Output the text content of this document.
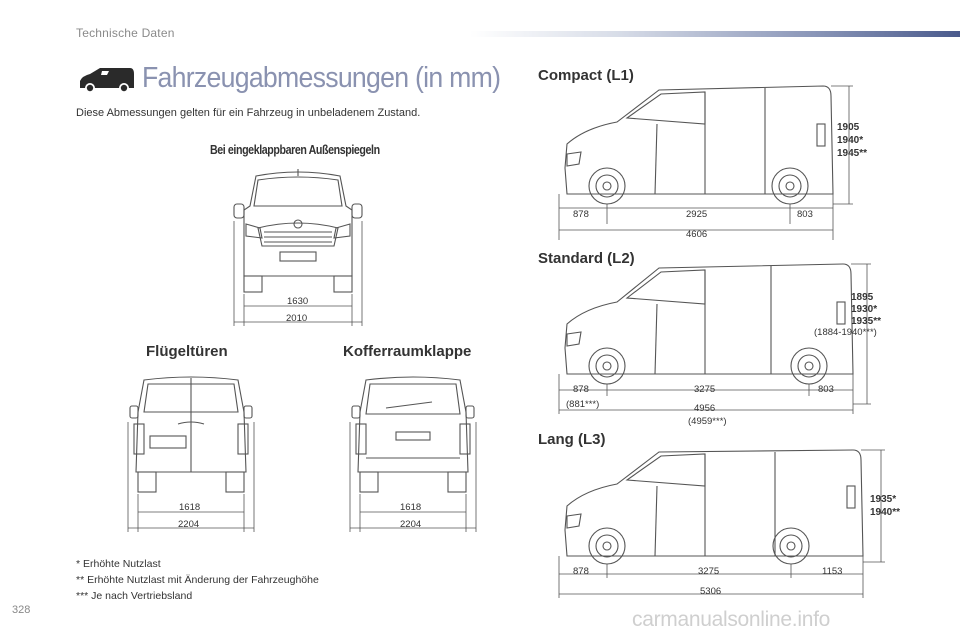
Technische Daten
Fahrzeugabmessungen (in mm)
Diese Abmessungen gelten für ein Fahrzeug in unbeladenem Zustand.
Bei eingeklappbaren Außenspiegeln
1630
2010
Flügeltüren
1618
2204
Kofferraumklappe
1618
2204
* Erhöhte Nutzlast
** Erhöhte Nutzlast mit Änderung der Fahrzeughöhe
*** Je nach Vertriebsland
Compact (L1)
1905
1940*
1945**
878	2925	803
4606
Standard (L2)
1895
1930*
1935**
(1884-1940***)
878
(881***)
3275	803
4956
(4959***)
Lang (L3)
1935*
1940**
878	3275	1153
5306
328	carmanualsonline.info
